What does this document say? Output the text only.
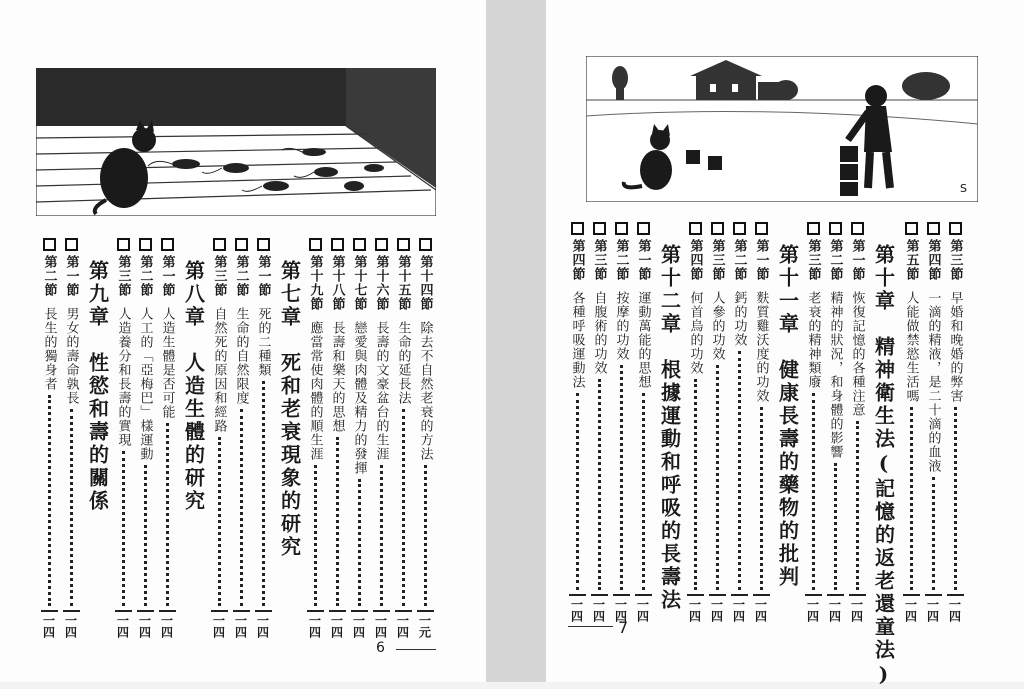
第十四節
除去不自然老衰的方法
一元
第十五節
生命的延長法
一四
第十六節
長壽的文豪盆台的生涯
一四
第十七節
戀愛與肉體及精力的發揮
一四
第十八節
長壽和樂天的思想
一四
第十九節
應當常使肉體的順生涯
一四
第七章　死和老衰現象的研究
第一節
死的二種類
一四
第二節
生命的自然限度
一四
第三節
自然死的原因和經路
一四
第八章　人造生體的研究
第一節
人造生體是否可能
一四
第二節
人工的「亞梅巴」樣運動
一四
第三節
人造養分和長壽的實現
一四
第九章　性慾和壽的關係
第一節
男女的壽命孰長
一四
第二節
長生的獨身者
一四
6
S
第三節
早婚和晚婚的弊害
一四
第四節
一滴的精液，是二十滴的血液
一四
第五節
人能做禁慾生活嗎
一四
第十章　精神衛生法(記憶的返老還童法)
第一節
恢復記憶的各種注意
一四
第二節
精神的狀況，和身體的影響
一四
第三節
老衰的精神類廢
一四
第十一章　健康長壽的藥物的批判
第一節
麩質雞沃度的功效
一四
第二節
鈣的功效
一四
第三節
人參的功效
一四
第四節
何首烏的功效
一四
第十二章　根據運動和呼吸的長壽法
第一節
運動萬能的思想
一四
第二節
按摩的功效
一四
第三節
自腹術的功效
一四
第四節
各種呼吸運動法
一四
7
